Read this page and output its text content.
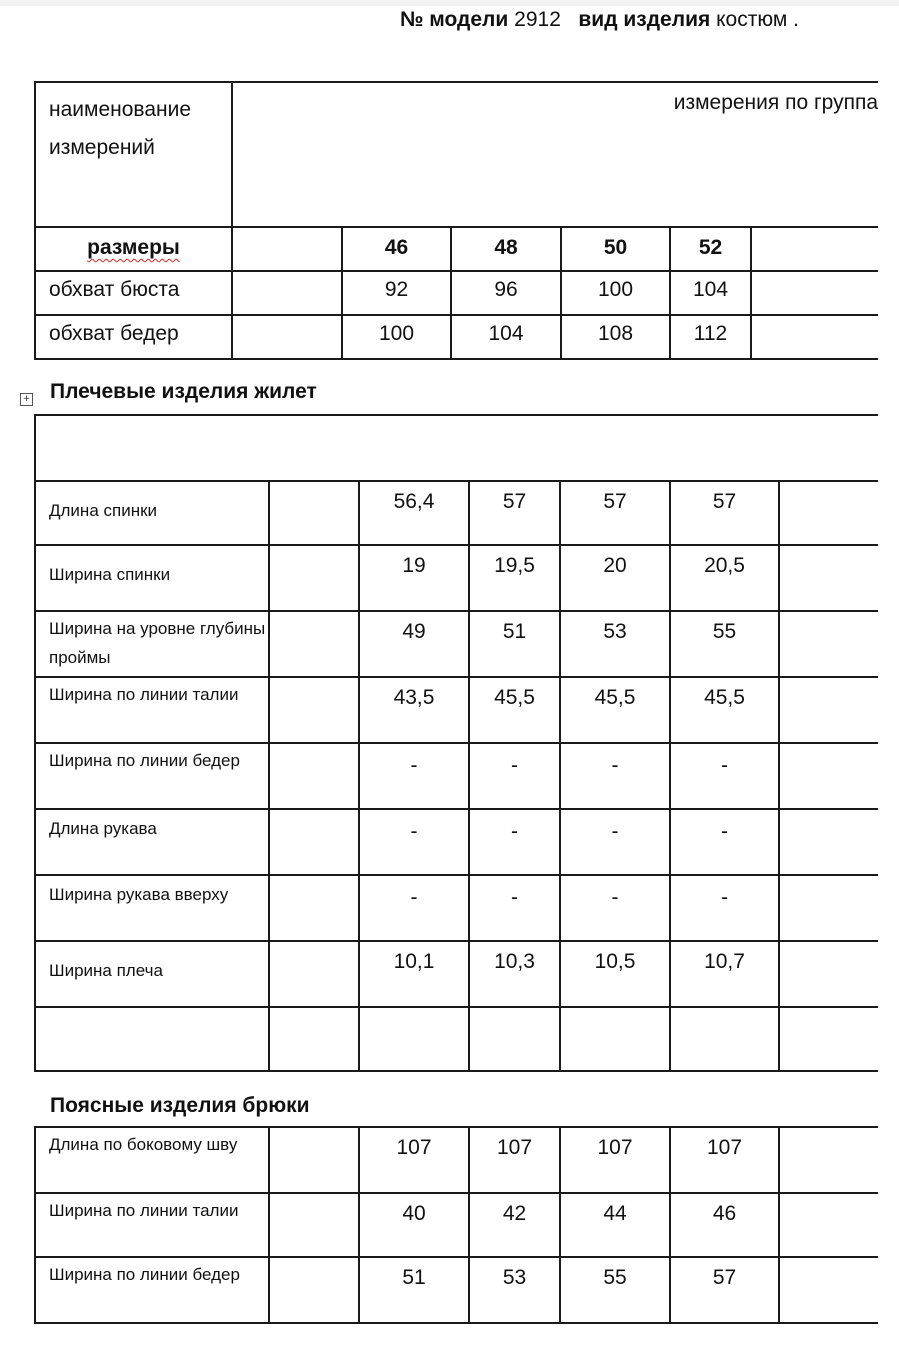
№ модели 2912 вид изделия костюм .
наименование измерений	измерения по группа					

размеры		46	48	50	52	
обхват бюста		92	96	100	104	
обхват бедер		100	104	108	112	
+ Плечевые изделия жилет

Длина спинки		56,4	57	57	57	
Ширина спинки		19	19,5	20	20,5	
Ширина на уровне глубины проймы		49	51	53	55	
Ширина по линии талии		43,5	45,5	45,5	45,5	
Ширина по линии бедер		-	-	-	-	
Длина рукава		-	-	-	-	
Ширина рукава вверху		-	-	-	-	
Ширина плеча		10,1	10,3	10,5	10,7	

Поясные изделия брюки
Длина по боковому шву		107	107	107	107	
Ширина по линии талии		40	42	44	46	
Ширина по линии бедер		51	53	55	57	
